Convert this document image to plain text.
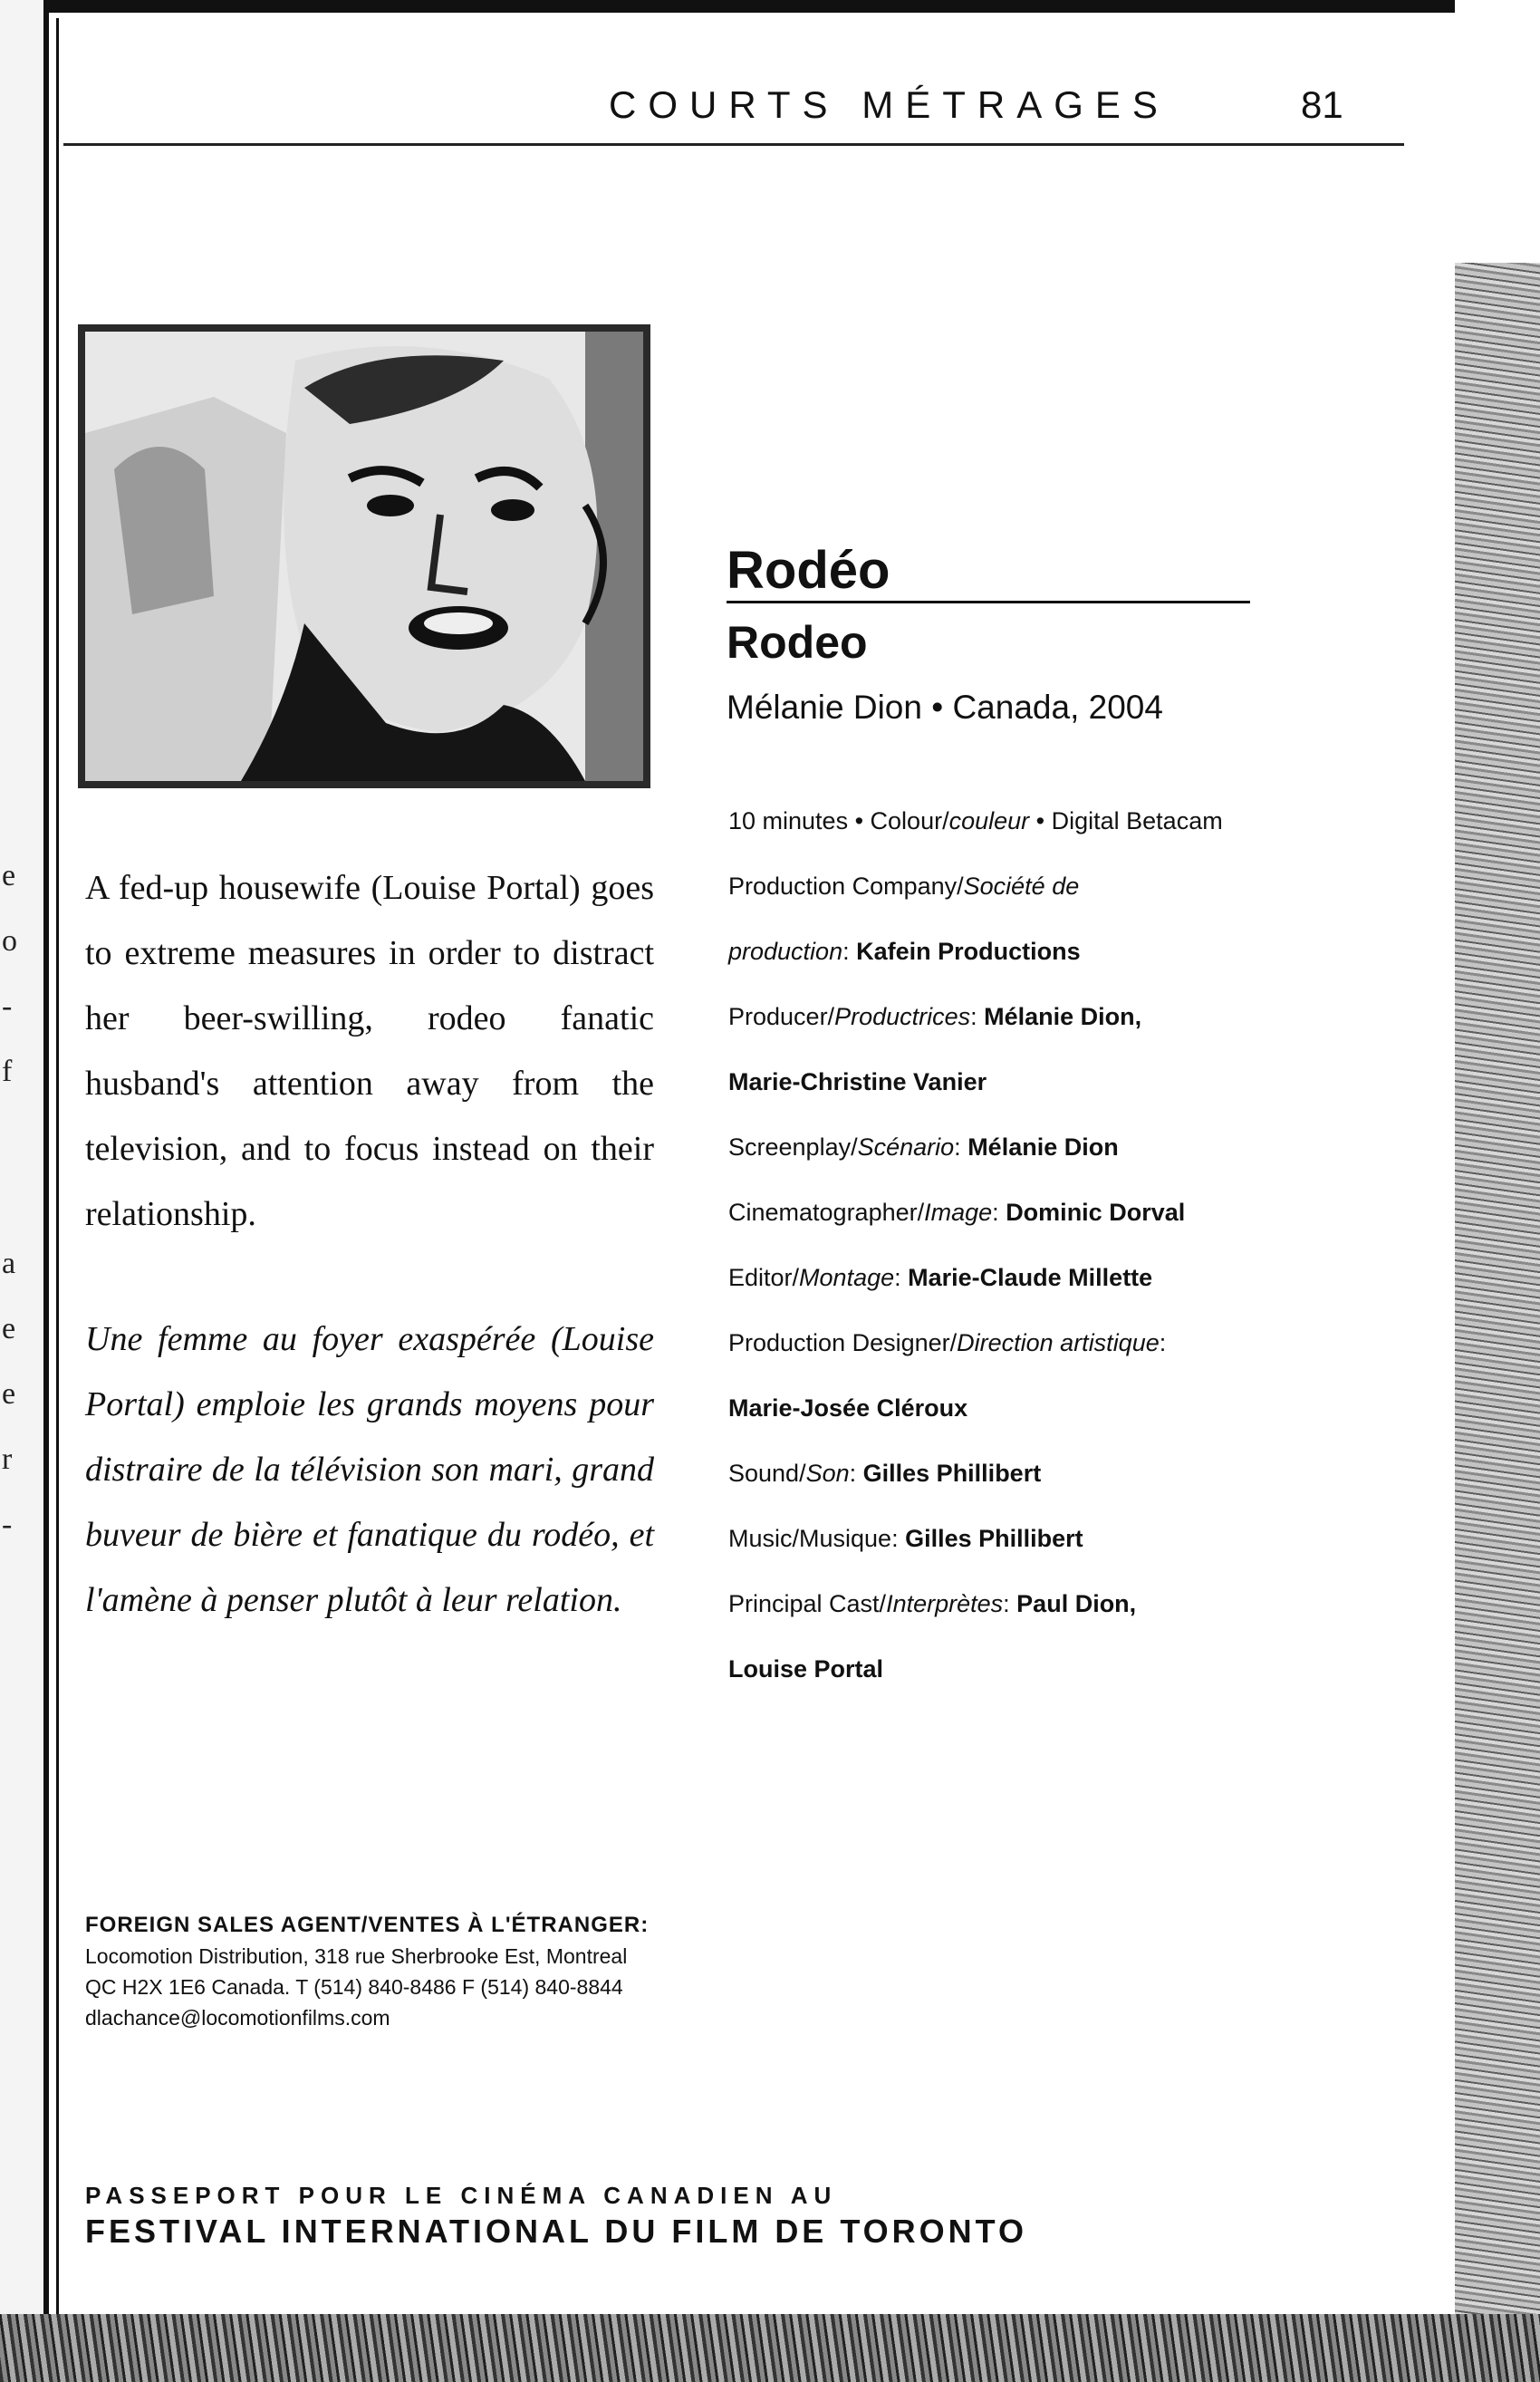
e
o
-
f
a
e
e
r
-
COURTS MÉTRAGES	81
Rodéo
Rodeo
Mélanie Dion • Canada, 2004
10 minutes • Colour/couleur • Digital Betacam
Production Company/Société de
production: Kafein Productions
Producer/Productrices: Mélanie Dion,
Marie-Christine Vanier
Screenplay/Scénario: Mélanie Dion
Cinematographer/Image: Dominic Dorval
Editor/Montage: Marie-Claude Millette
Production Designer/Direction artistique:
Marie-Josée Cléroux
Sound/Son: Gilles Phillibert
Music/Musique: Gilles Phillibert
Principal Cast/Interprètes: Paul Dion,
Louise Portal

A fed-up housewife (Louise Portal) goes to extreme measures in order to distract her beer-swilling, rodeo fanatic husband's attention away from the television, and to focus instead on their relationship.

Une femme au foyer exaspérée (Louise Portal) emploie les grands moyens pour distraire de la télévision son mari, grand buveur de bière et fanatique du rodéo, et l'amène à penser plutôt à leur relation.

FOREIGN SALES AGENT/VENTES À L'ÉTRANGER:
Locomotion Distribution, 318 rue Sherbrooke Est, Montreal
QC H2X 1E6 Canada. T (514) 840-8486 F (514) 840-8844
dlachance@locomotionfilms.com
PASSEPORT POUR LE CINÉMA CANADIEN AU
FESTIVAL INTERNATIONAL DU FILM DE TORONTO
